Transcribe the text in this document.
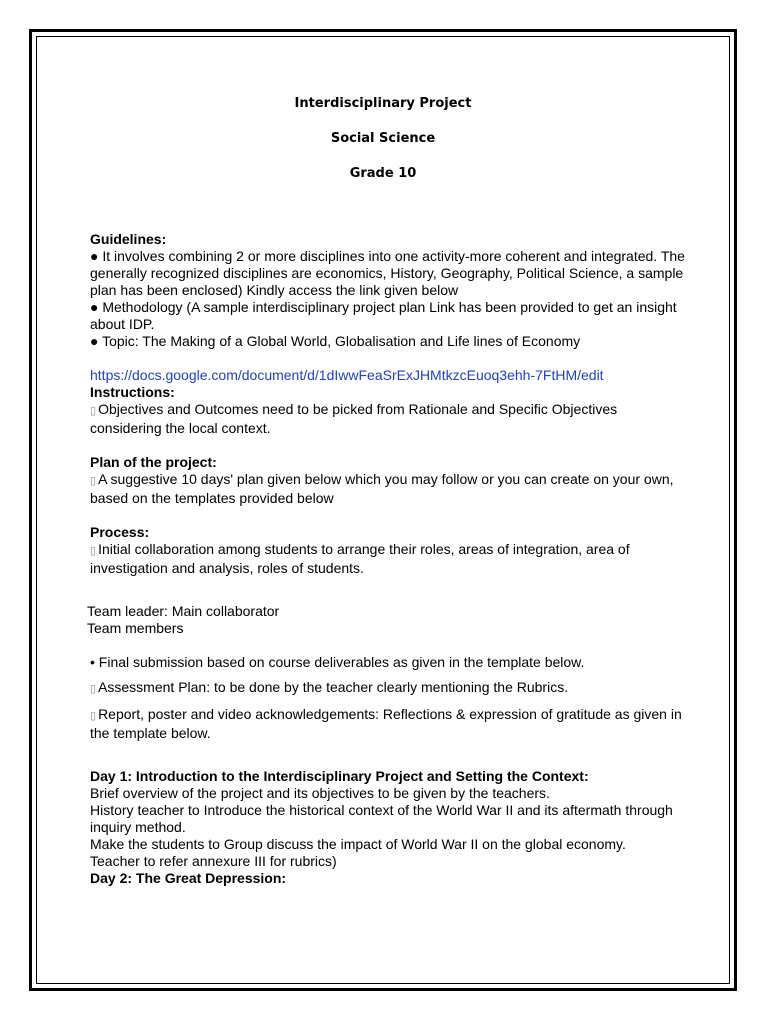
Interdisciplinary Project
Social Science
Grade 10

Guidelines:

● It involves combining 2 or more disciplines into one activity-more coherent and integrated. The generally recognized disciplines are economics, History, Geography, Political Science, a sample plan has been enclosed) Kindly access the link given below

● Methodology (A sample interdisciplinary project plan Link has been provided to get an insight about IDP.

● Topic: The Making of a Global World, Globalisation and Life lines of Economy

https://docs.google.com/document/d/1dIwwFeaSrExJHMtkzcEuoq3ehh-7FtHM/edit

Instructions:

▯ Objectives and Outcomes need to be picked from Rationale and Specific Objectives considering the local context.

Plan of the project:

▯ A suggestive 10 days' plan given below which you may follow or you can create on your own, based on the templates provided below

Process:

▯ Initial collaboration among students to arrange their roles, areas of integration, area of investigation and analysis, roles of students.

Team leader: Main collaborator

Team members

• Final submission based on course deliverables as given in the template below.

▯ Assessment Plan: to be done by the teacher clearly mentioning the Rubrics.

▯ Report, poster and video acknowledgements: Reflections & expression of gratitude as given in the template below.

Day 1: Introduction to the Interdisciplinary Project and Setting the Context:

Brief overview of the project and its objectives to be given by the teachers.

History teacher to Introduce the historical context of the World War II and its aftermath through inquiry method.

Make the students to Group discuss the impact of World War II on the global economy.

Teacher to refer annexure III for rubrics)

Day 2: The Great Depression:
